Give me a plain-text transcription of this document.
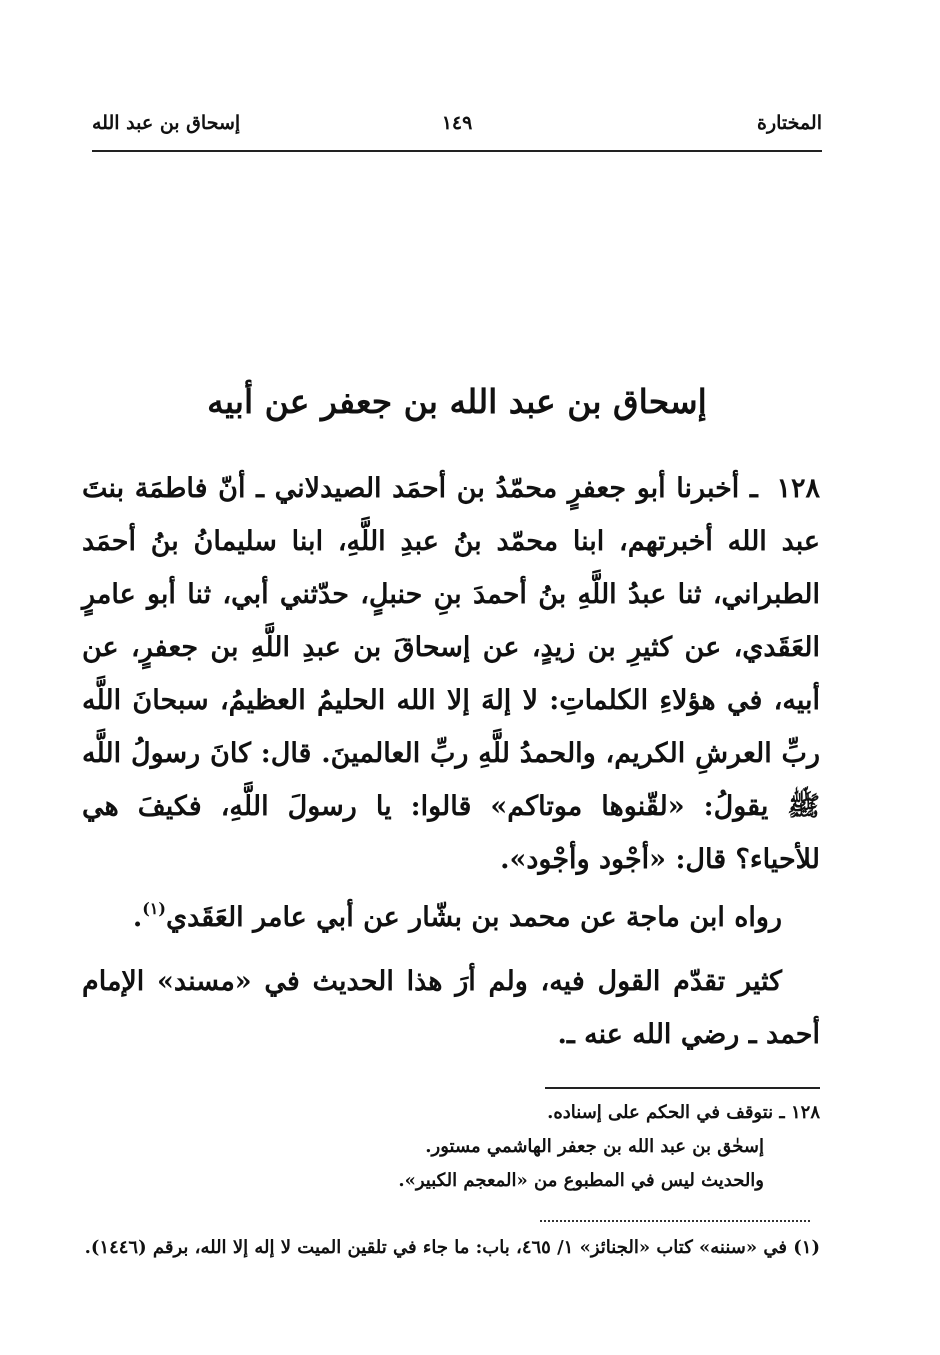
المختارة
١٤٩
إسحاق بن عبد الله
إسحاق بن عبد الله بن جعفر عن أبيه
١٢٨ ـ أخبرنا أبو جعفرٍ محمّدُ بن أحمَد الصيدلاني ـ أنّ فاطمَة بنتَ عبد الله أخبرتهم، ابنا محمّد بنُ عبدِ اللَّهِ، ابنا سليمانُ بنُ أحمَد الطبراني، ثنا عبدُ اللَّهِ بنُ أحمدَ بنِ حنبلٍ، حدّثني أبي، ثنا أبو عامرٍ العَقَدي، عن كثيرِ بن زيدٍ، عن إسحاقَ بن عبدِ اللَّهِ بن جعفرٍ، عن أبيه، في هؤلاءِ الكلماتِ: لا إلهَ إلا الله الحليمُ العظيمُ، سبحانَ اللَّه ربِّ العرشِ الكريم، والحمدُ للَّهِ ربِّ العالمينَ. قال: كانَ رسولُ اللَّه ﷺ يقولُ: «لقّنوها موتاكم» قالوا: يا رسولَ اللَّهِ، فكيفَ هي للأحياء؟ قال: «أجْود وأجْود».
رواه ابن ماجة عن محمد بن بشّار عن أبي عامر العَقَدي$^{(١)}$.
كثير تقدّم القول فيه، ولم أرَ هذا الحديث في «مسند» الإمام أحمد ـ رضي الله عنه ـ.
١٢٨ ـ نتوقف في الحكم على إسناده.
إسحٰق بن عبد الله بن جعفر الهاشمي مستور.
والحديث ليس في المطبوع من «المعجم الكبير».
(١) في «سننه» كتاب «الجنائز» ١/ ٤٦٥، باب: ما جاء في تلقين الميت لا إله إلا الله، برقم (١٤٤٦).
